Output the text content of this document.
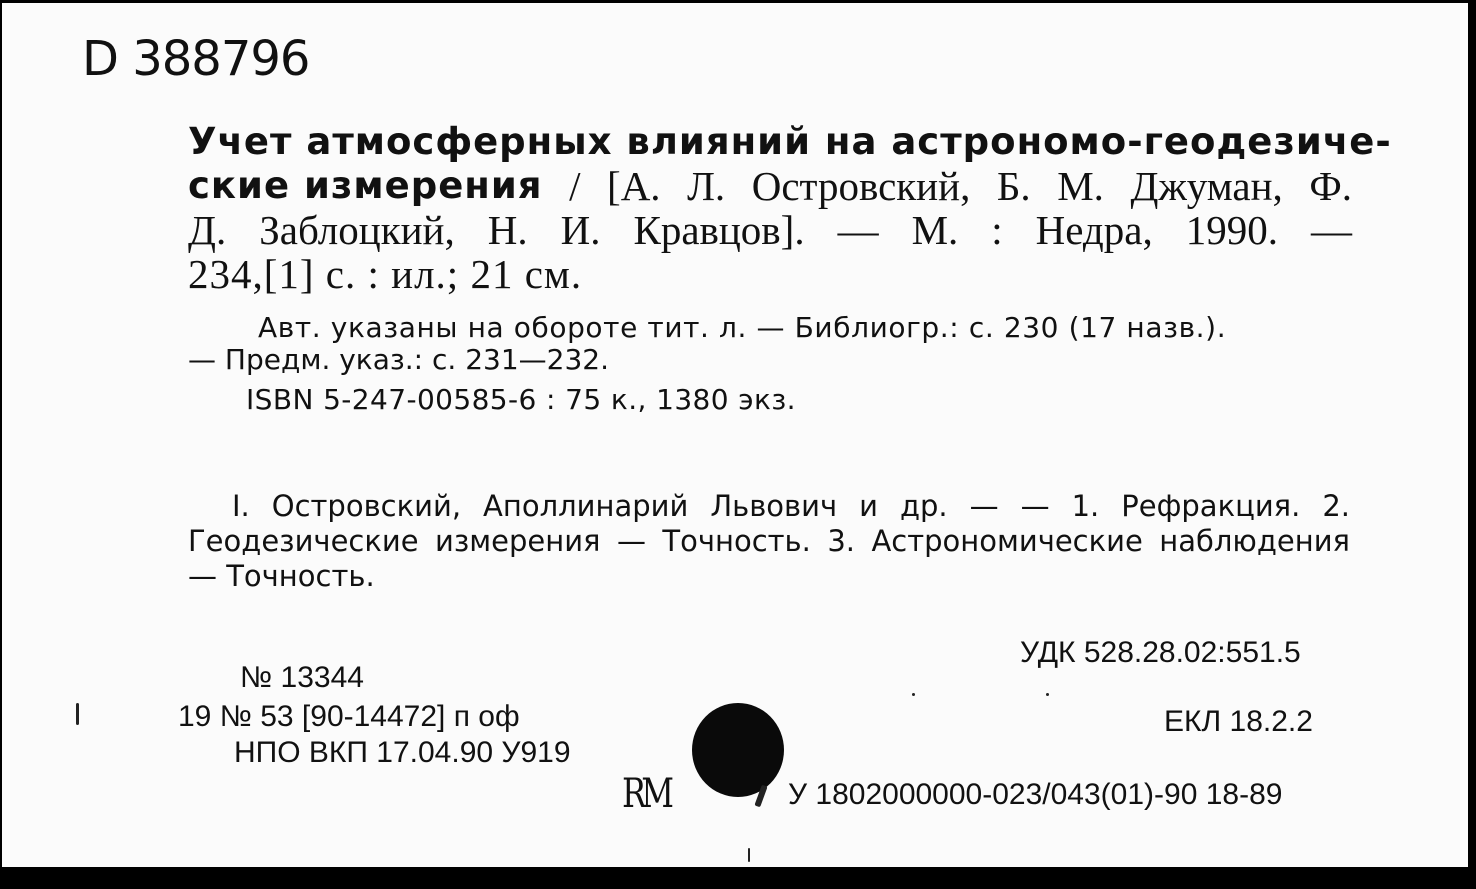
D 388796
Учет атмосферных влияний на астрономо-геодезиче-
ские измерения / [А. Л. Островский, Б. М. Джуман, Ф.
Д. Заблоцкий, Н. И. Кравцов]. — М. : Недра, 1990. —
234,[1] с. : ил.; 21 см.
Авт. указаны на обороте тит. л. — Библиогр.: с. 230 (17 назв.).
— Предм. указ.: с. 231—232.
ISBN 5-247-00585-6 : 75 к., 1380 экз.
I. Островский, Аполлинарий Львович и др. — — 1. Рефракция. 2.
Геодезические измерения — Точность. 3. Астрономические наблюдения
— Точность.
УДК 528.28.02:551.5
ЕКЛ 18.2.2
№ 13344
19 № 53 [90-14472] п оф
НПО ВКП 17.04.90 У919
RM	У 1802000000-023/043(01)-90 18-89
